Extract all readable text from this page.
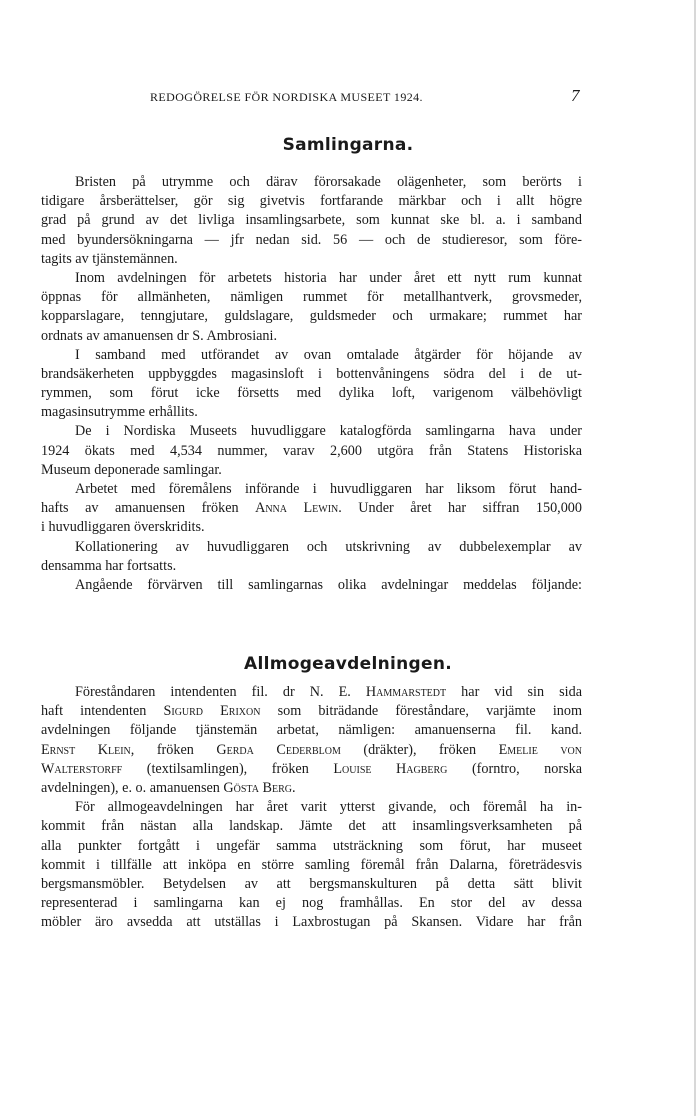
REDOGÖRELSE FÖR NORDISKA MUSEET 1924.	7
Samlingarna.
Bristen på utrymme och därav förorsakade olägenheter, som berörts i
tidigare årsberättelser, gör sig givetvis fortfarande märkbar och i allt högre
grad på grund av det livliga insamlingsarbete, som kunnat ske bl. a. i samband
med byundersökningarna — jfr nedan sid. 56 — och de studieresor, som före-
tagits av tjänstemännen.
Inom avdelningen för arbetets historia har under året ett nytt rum kunnat
öppnas för allmänheten, nämligen rummet för metallhantverk, grovsmeder,
kopparslagare, tenngjutare, guldslagare, guldsmeder och urmakare; rummet har
ordnats av amanuensen dr S. Ambrosiani.
I samband med utförandet av ovan omtalade åtgärder för höjande av
brandsäkerheten uppbyggdes magasinsloft i bottenvåningens södra del i de ut-
rymmen, som förut icke försetts med dylika loft, varigenom välbehövligt
magasinsutrymme erhållits.
De i Nordiska Museets huvudliggare katalogförda samlingarna hava under
1924 ökats med 4,534 nummer, varav 2,600 utgöra från Statens Historiska
Museum deponerade samlingar.
Arbetet med föremålens införande i huvudliggaren har liksom förut hand-
hafts av amanuensen fröken Anna Lewin. Under året har siffran 150,000
i huvudliggaren överskridits.
Kollationering av huvudliggaren och utskrivning av dubbelexemplar av
densamma har fortsatts.
Angående förvärven till samlingarnas olika avdelningar meddelas följande:
Allmogeavdelningen.
Föreståndaren intendenten fil. dr N. E. Hammarstedt har vid sin sida
haft intendenten Sigurd Erixon som biträdande föreståndare, varjämte inom
avdelningen följande tjänstemän arbetat, nämligen: amanuenserna fil. kand.
Ernst Klein, fröken Gerda Cederblom (dräkter), fröken Emelie von
Walterstorff (textilsamlingen), fröken Louise Hagberg (forntro, norska
avdelningen), e. o. amanuensen Gösta Berg.
För allmogeavdelningen har året varit ytterst givande, och föremål ha in-
kommit från nästan alla landskap. Jämte det att insamlingsverksamheten på
alla punkter fortgått i ungefär samma utsträckning som förut, har museet
kommit i tillfälle att inköpa en större samling föremål från Dalarna, företrädesvis
bergsmansmöbler. Betydelsen av att bergsmanskulturen på detta sätt blivit
representerad i samlingarna kan ej nog framhållas. En stor del av dessa
möbler äro avsedda att utställas i Laxbrostugan på Skansen. Vidare har från
